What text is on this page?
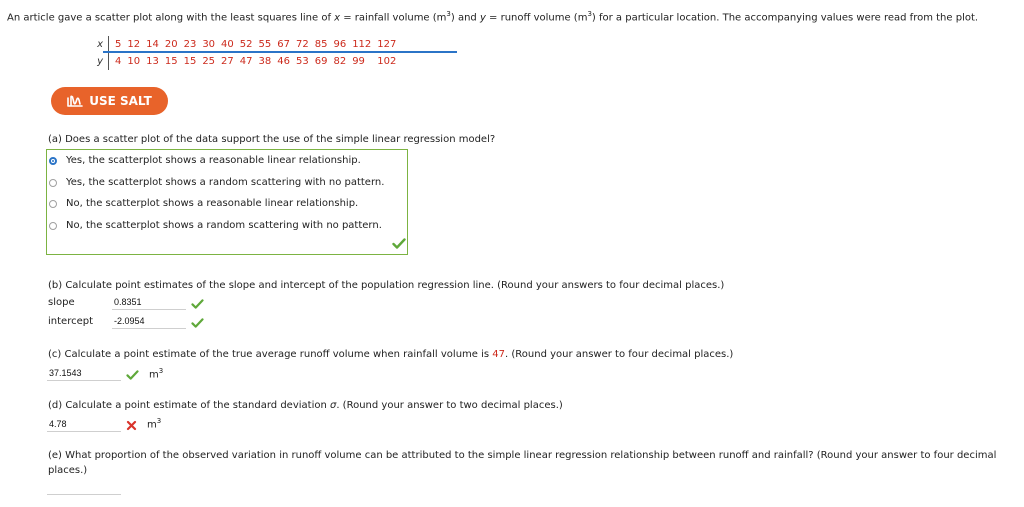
An article gave a scatter plot along with the least squares line of x = rainfall volume $(m^3)$ and y = runoff volume $(m^3)$ for a particular location. The accompanying values were read from the plot.
x	5 12 14 20 23 30 40 52 55 67 72 85 96 112 127
y	4 10 13 15 15 25 27 47 38 46 53 69 82 99	102
USE SALT
(a) Does a scatter plot of the data support the use of the simple linear regression model?
Yes, the scatterplot shows a reasonable linear relationship.
Yes, the scatterplot shows a random scattering with no pattern.
No, the scatterplot shows a reasonable linear relationship.
No, the scatterplot shows a random scattering with no pattern.
(b) Calculate point estimates of the slope and intercept of the population regression line. (Round your answers to four decimal places.)
slope
0.8351
intercept
-2.0954
(c) Calculate a point estimate of the true average runoff volume when rainfall volume is 47. (Round your answer to four decimal places.)
37.1543
$m^3$
(d) Calculate a point estimate of the standard deviation σ. (Round your answer to two decimal places.)
4.78
$m^3$
(e) What proportion of the observed variation in runoff volume can be attributed to the simple linear regression relationship between runoff and rainfall? (Round your answer to four decimal
places.)
